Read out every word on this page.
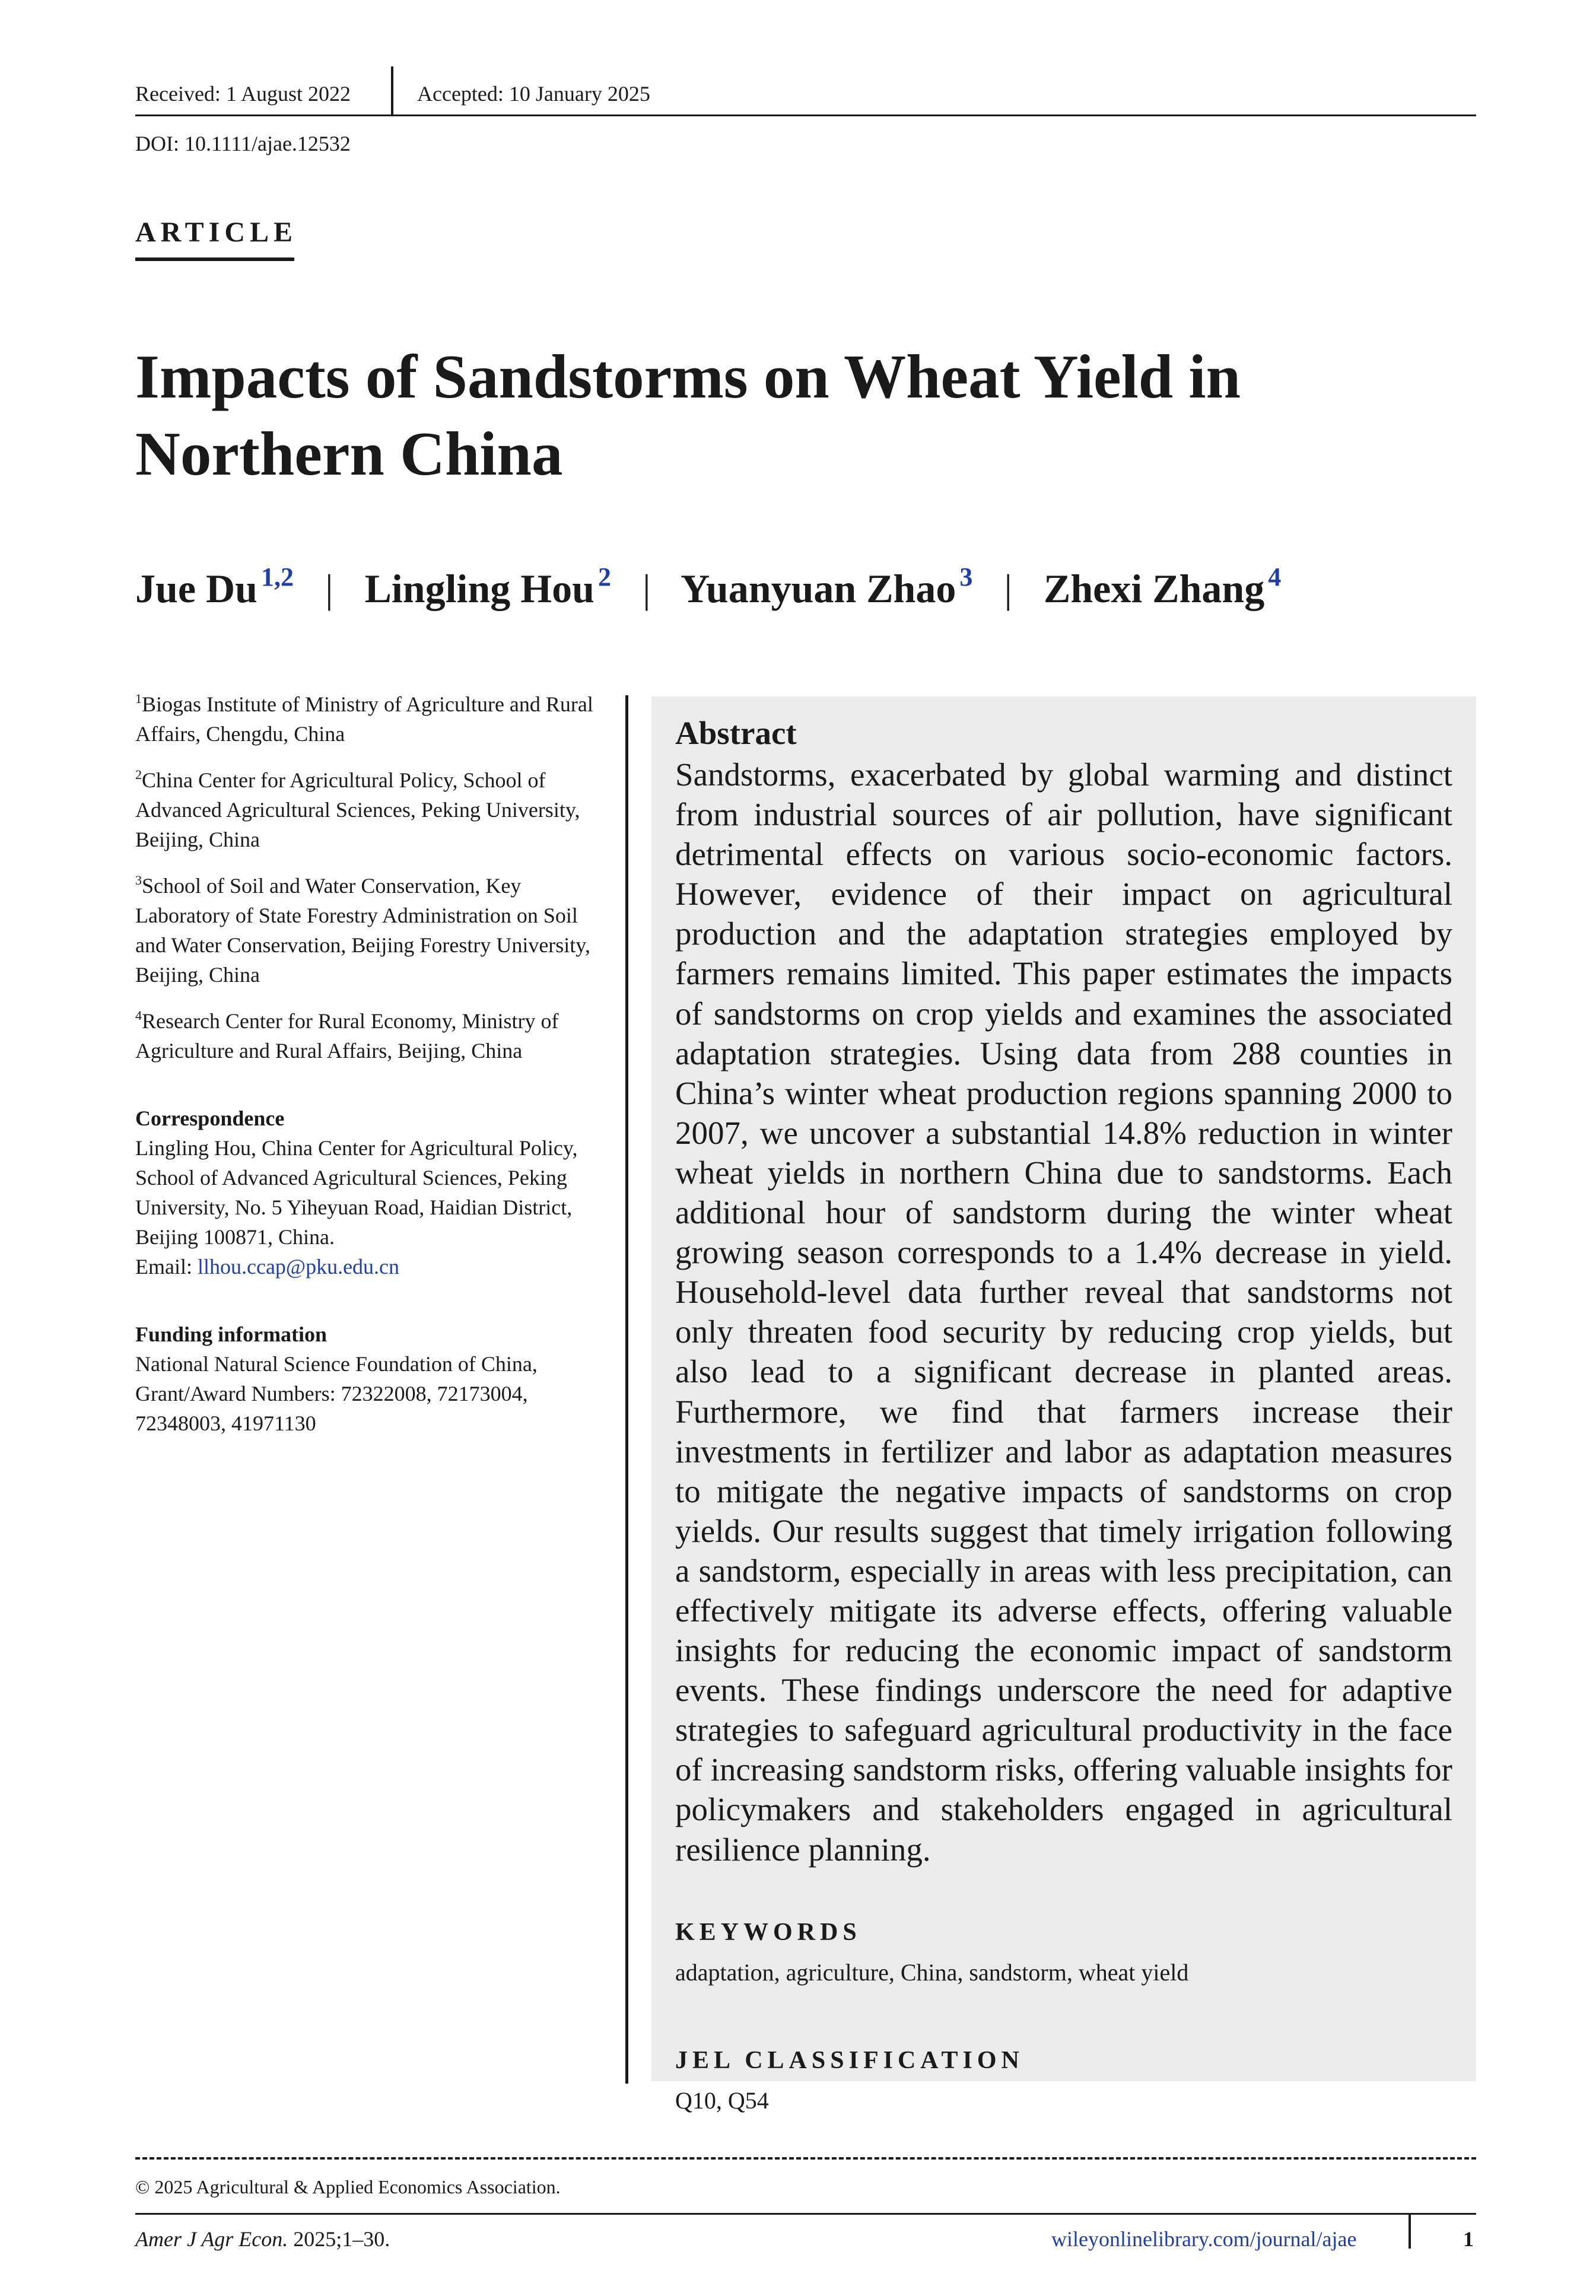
Received: 1 August 2022	Accepted: 10 January 2025
DOI: 10.1111/ajae.12532
ARTICLE
Impacts of Sandstorms on Wheat Yield in Northern China
Jue Du $^{1,2}$ | Lingling Hou $^2$ | Yuanyuan Zhao $^3$ | Zhexi Zhang $^4$
$^1$Biogas Institute of Ministry of Agriculture and Rural Affairs, Chengdu, China
$^2$China Center for Agricultural Policy, School of Advanced Agricultural Sciences, Peking University, Beijing, China
$^3$School of Soil and Water Conservation, Key Laboratory of State Forestry Administration on Soil and Water Conservation, Beijing Forestry University, Beijing, China
$^4$Research Center for Rural Economy, Ministry of Agriculture and Rural Affairs, Beijing, China
Correspondence
Lingling Hou, China Center for Agricultural Policy, School of Advanced Agricultural Sciences, Peking University, No. 5 Yiheyuan Road, Haidian District, Beijing 100871, China.
Email: llhou.ccap@pku.edu.cn
Funding information
National Natural Science Foundation of China, Grant/Award Numbers: 72322008, 72173004, 72348003, 41971130
Abstract
Sandstorms, exacerbated by global warming and distinct from industrial sources of air pollution, have significant detrimental effects on various socio-economic factors. However, evidence of their impact on agricultural production and the adaptation strategies employed by farmers remains limited. This paper estimates the impacts of sandstorms on crop yields and examines the associated adaptation strategies. Using data from 288 counties in China’s winter wheat production regions spanning 2000 to 2007, we uncover a substantial 14.8% reduction in winter wheat yields in northern China due to sandstorms. Each additional hour of sandstorm during the winter wheat growing season corresponds to a 1.4% decrease in yield. Household-level data further reveal that sandstorms not only threaten food security by reducing crop yields, but also lead to a significant decrease in planted areas. Furthermore, we find that farmers increase their investments in fertilizer and labor as adaptation measures to mitigate the negative impacts of sandstorms on crop yields. Our results suggest that timely irrigation following a sandstorm, especially in areas with less precipitation, can effectively mitigate its adverse effects, offering valuable insights for reducing the economic impact of sandstorm events. These findings underscore the need for adaptive strategies to safeguard agricultural productivity in the face of increasing sandstorm risks, offering valuable insights for policymakers and stakeholders engaged in agricultural resilience planning.
KEYWORDS
adaptation, agriculture, China, sandstorm, wheat yield
JEL CLASSIFICATION
Q10, Q54
© 2025 Agricultural & Applied Economics Association.
Amer J Agr Econ. 2025;1–30.	wileyonlinelibrary.com/journal/ajae	1
